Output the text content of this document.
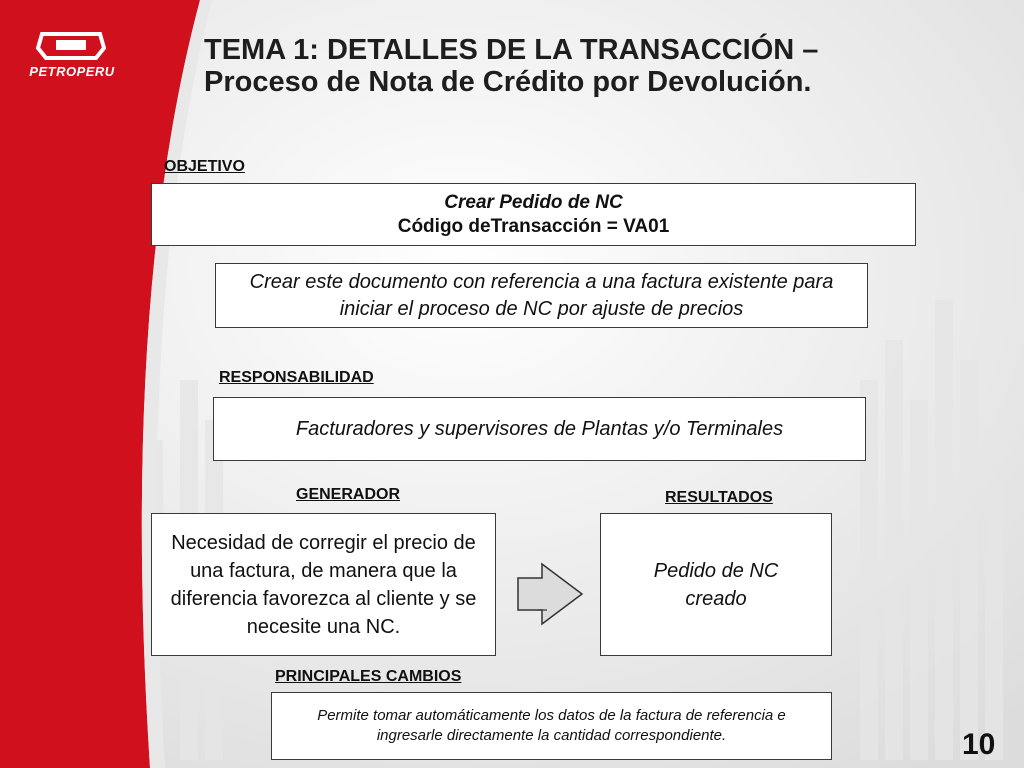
PETROPERU
TEMA 1: DETALLES DE LA TRANSACCIÓN – Proceso de Nota de Crédito por Devolución.
OBJETIVO
Crear Pedido de NC
Código deTransacción = VA01
Crear este documento con referencia a una factura existente para iniciar el proceso de NC por ajuste de precios
RESPONSABILIDAD
Facturadores y supervisores de Plantas y/o Terminales
GENERADOR
Necesidad de corregir el precio de una factura, de manera que la diferencia favorezca al cliente y se necesite una NC.
RESULTADOS
Pedido de NC creado
PRINCIPALES CAMBIOS
Permite tomar automáticamente los datos de la factura de referencia e ingresarle directamente la cantidad correspondiente.	10
